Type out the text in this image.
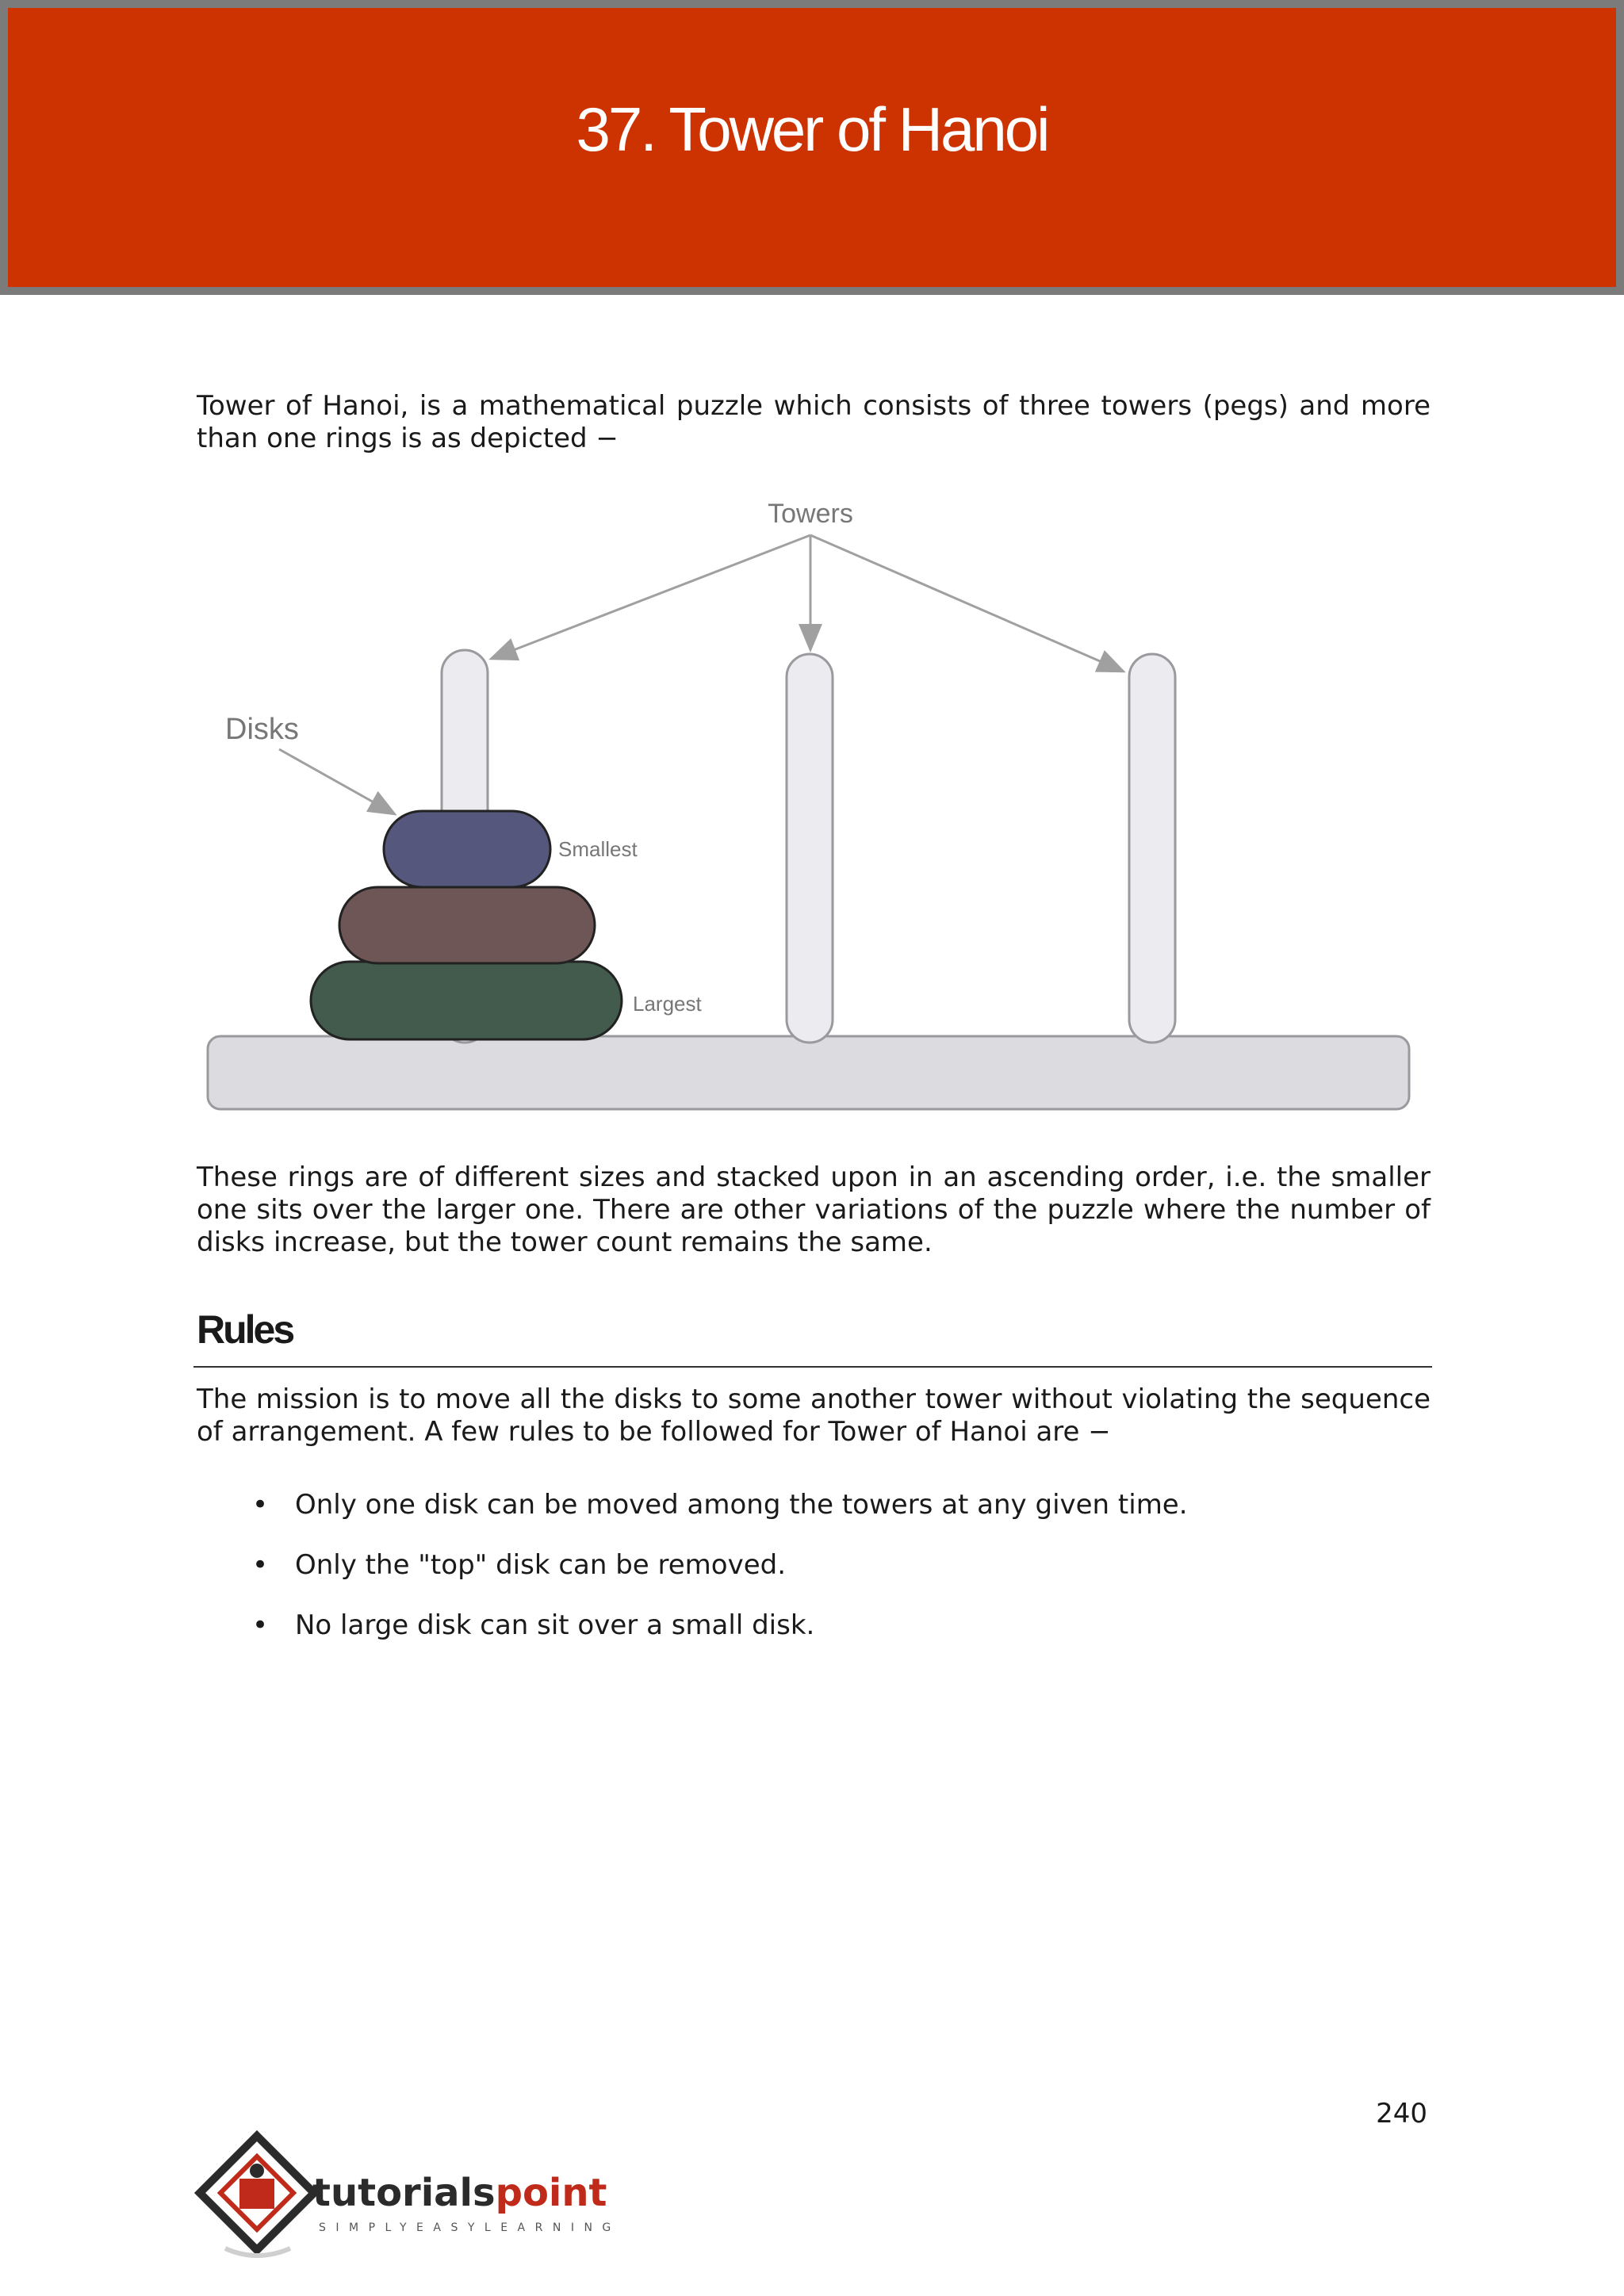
37. Tower of Hanoi

Tower of Hanoi, is a mathematical puzzle which consists of three towers (pegs) and more than one rings is as depicted −

Towers
Disks
Smallest
Largest

These rings are of different sizes and stacked upon in an ascending order, i.e. the smaller one sits over the larger one. There are other variations of the puzzle where the number of disks increase, but the tower count remains the same.

Rules

The mission is to move all the disks to some another tower without violating the sequence of arrangement. A few rules to be followed for Tower of Hanoi are −

• Only one disk can be moved among the towers at any given time.
• Only the "top" disk can be removed.
• No large disk can sit over a small disk.
240
tutorialspoint
SIMPLYEASYLEARNING
